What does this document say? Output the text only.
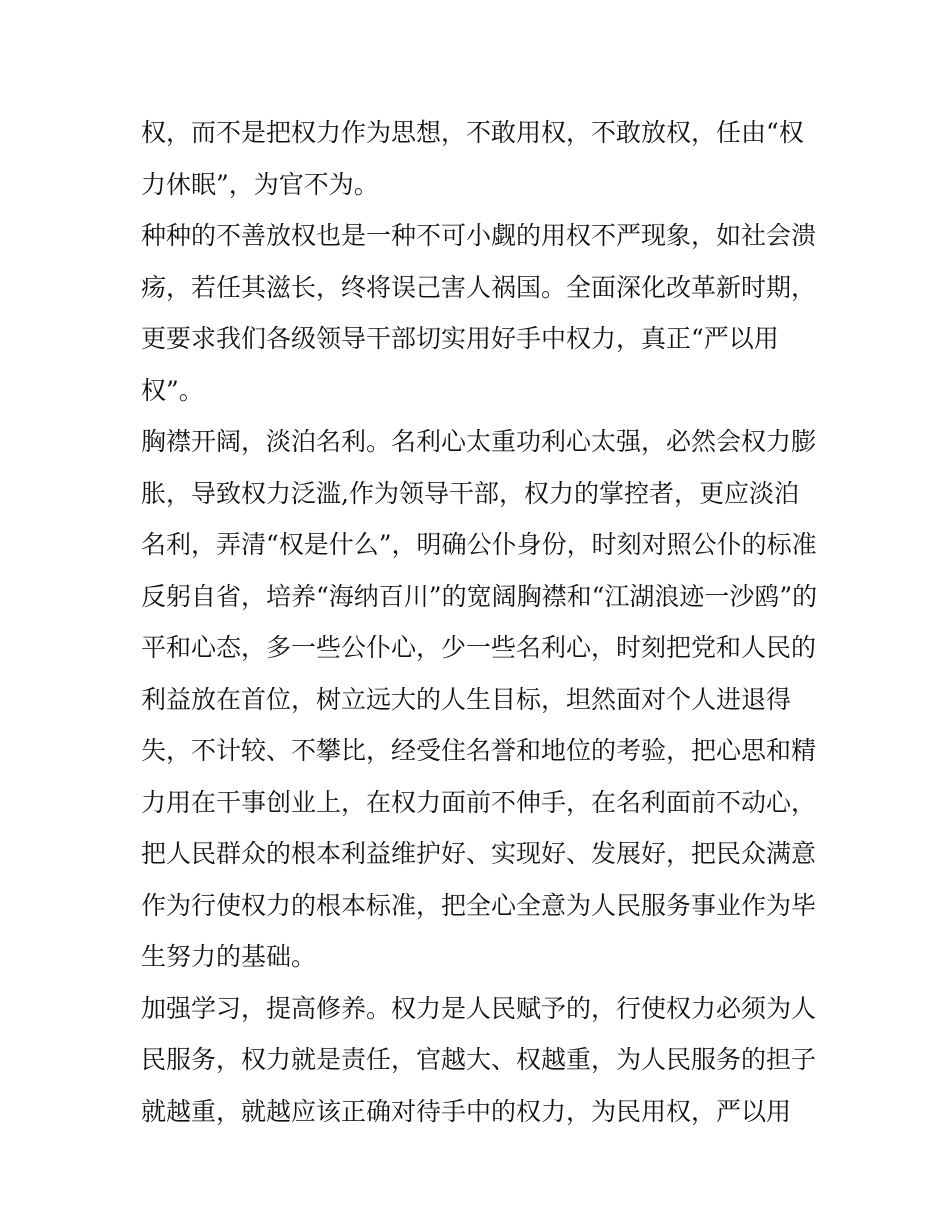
权，而不是把权力作为思想，不敢用权，不敢放权，任由“权
力休眠”，为官不为。
种种的不善放权也是一种不可小觑的用权不严现象，如社会溃
疡，若任其滋长，终将误己害人祸国。全面深化改革新时期，
更要求我们各级领导干部切实用好手中权力，真正“严以用
权”。
胸襟开阔，淡泊名利。名利心太重功利心太强，必然会权力膨
胀，导致权力泛滥,作为领导干部，权力的掌控者，更应淡泊
名利，弄清“权是什么”，明确公仆身份，时刻对照公仆的标准
反躬自省，培养“海纳百川”的宽阔胸襟和“江湖浪迹一沙鸥”的
平和心态，多一些公仆心，少一些名利心，时刻把党和人民的
利益放在首位，树立远大的人生目标，坦然面对个人进退得
失，不计较、不攀比，经受住名誉和地位的考验，把心思和精
力用在干事创业上，在权力面前不伸手，在名利面前不动心，
把人民群众的根本利益维护好、实现好、发展好，把民众满意
作为行使权力的根本标准，把全心全意为人民服务事业作为毕
生努力的基础。
加强学习，提高修养。权力是人民赋予的，行使权力必须为人
民服务，权力就是责任，官越大、权越重，为人民服务的担子
就越重，就越应该正确对待手中的权力，为民用权，严以用
